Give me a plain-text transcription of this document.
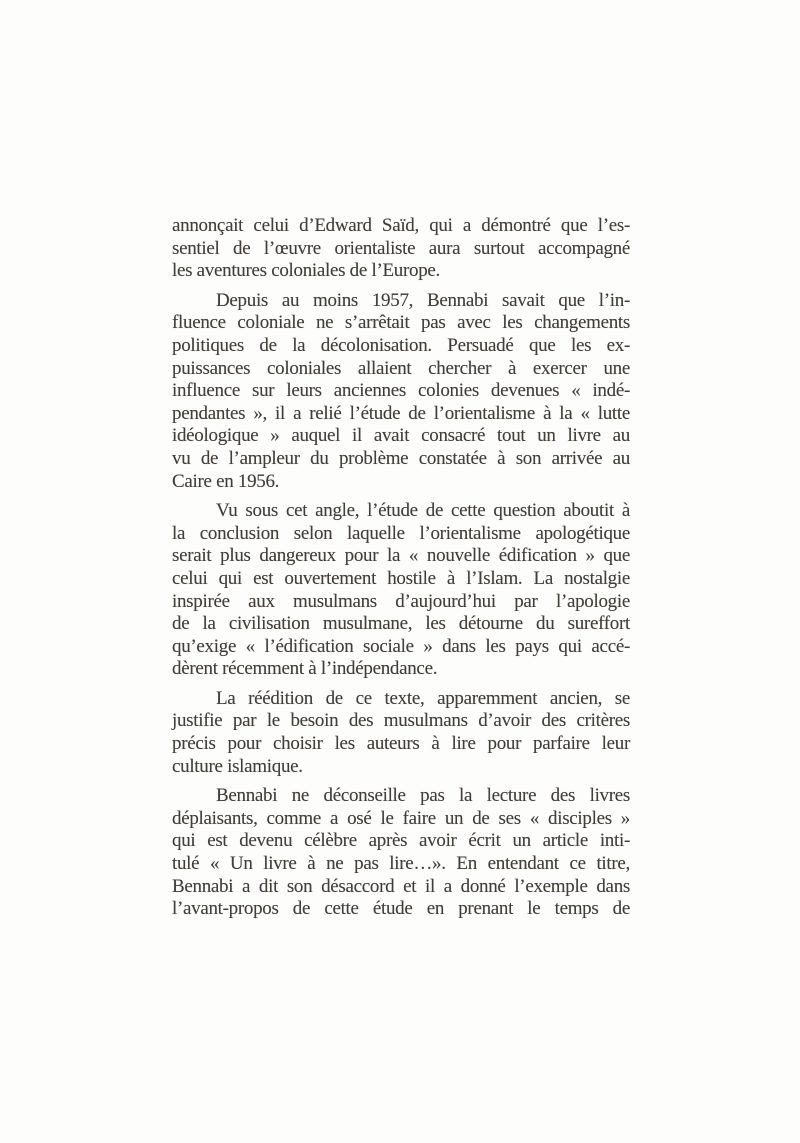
annonçait celui d’Edward Saïd, qui a démontré que l’es-
sentiel de l’œuvre orientaliste aura surtout accompagné
les aventures coloniales de l’Europe.

Depuis au moins 1957, Bennabi savait que l’in-
fluence coloniale ne s’arrêtait pas avec les changements
politiques de la décolonisation. Persuadé que les ex-
puissances coloniales allaient chercher à exercer une
influence sur leurs anciennes colonies devenues « indé-
pendantes », il a relié l’étude de l’orientalisme à la « lutte
idéologique » auquel il avait consacré tout un livre au
vu de l’ampleur du problème constatée à son arrivée au
Caire en 1956.

Vu sous cet angle, l’étude de cette question aboutit à
la conclusion selon laquelle l’orientalisme apologétique
serait plus dangereux pour la « nouvelle édification » que
celui qui est ouvertement hostile à l’Islam. La nostalgie
inspirée aux musulmans d’aujourd’hui par l’apologie
de la civilisation musulmane, les détourne du sureffort
qu’exige « l’édification sociale » dans les pays qui accé-
dèrent récemment à l’indépendance.

La réédition de ce texte, apparemment ancien, se
justifie par le besoin des musulmans d’avoir des critères
précis pour choisir les auteurs à lire pour parfaire leur
culture islamique.

Bennabi ne déconseille pas la lecture des livres
déplaisants, comme a osé le faire un de ses « disciples »
qui est devenu célèbre après avoir écrit un article inti-
tulé « Un livre à ne pas lire…». En entendant ce titre,
Bennabi a dit son désaccord et il a donné l’exemple dans
l’avant-propos de cette étude en prenant le temps de
